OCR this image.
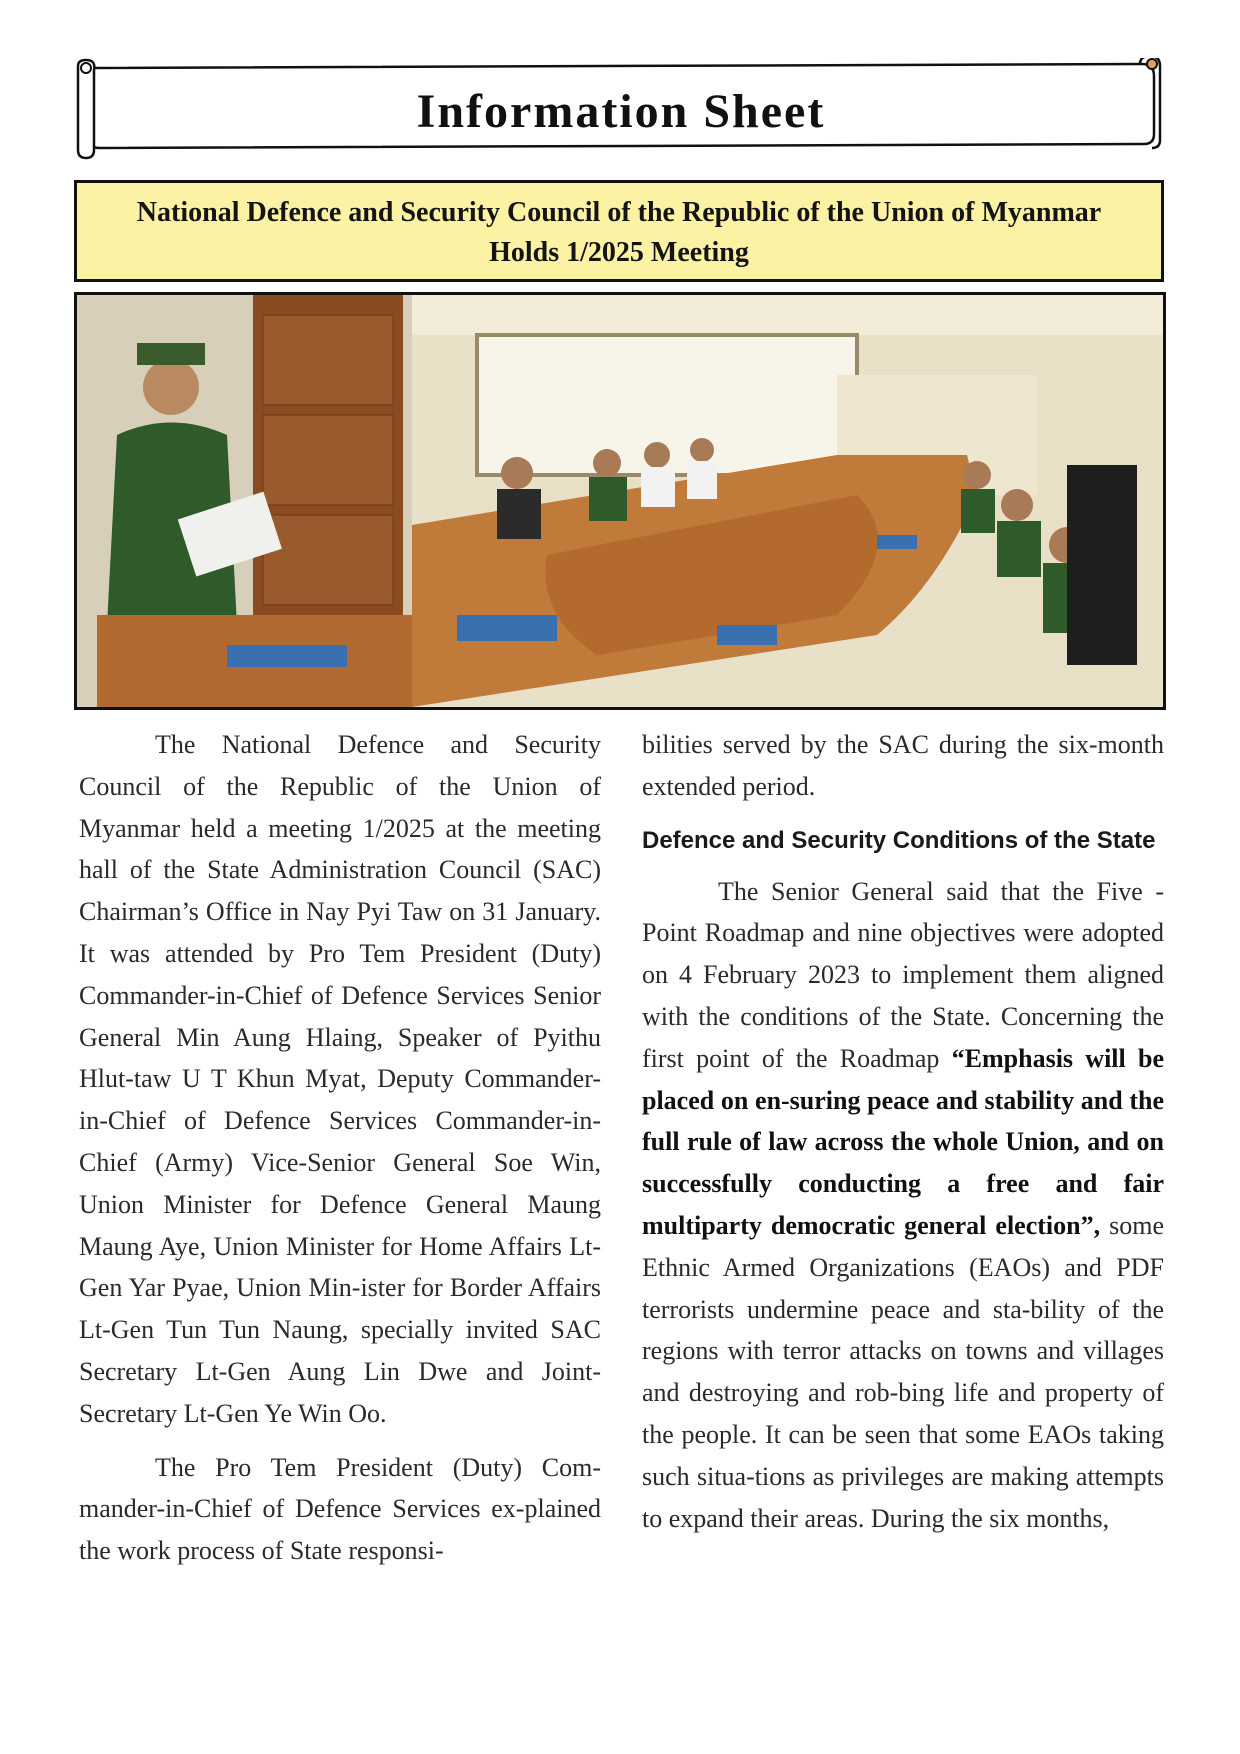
Information Sheet
National Defence and Security Council of the Republic of the Union of Myanmar
Holds 1/2025 Meeting

The National Defence and Security Council of the Republic of the Union of Myanmar held a meeting 1/2025 at the meeting hall of the State Administration Council (SAC) Chairman’s Office in Nay Pyi Taw on 31 January. It was attended by Pro Tem President (Duty) Commander-in-Chief of Defence Services Senior General Min Aung Hlaing, Speaker of Pyithu Hlut-taw U T Khun Myat, Deputy Commander-in-Chief of Defence Services Commander-in-Chief (Army) Vice-Senior General Soe Win, Union Minister for Defence General Maung Maung Aye, Union Minister for Home Affairs Lt-Gen Yar Pyae, Union Min-ister for Border Affairs Lt-Gen Tun Tun Naung, specially invited SAC Secretary Lt-Gen Aung Lin Dwe and Joint-Secretary Lt-Gen Ye Win Oo.

The Pro Tem President (Duty) Com-mander-in-Chief of Defence Services ex-plained the work process of State responsi-

bilities served by the SAC during the six-month extended period.

Defence and Security Conditions of the State

The Senior General said that the Five -Point Roadmap and nine objectives were adopted on 4 February 2023 to implement them aligned with the conditions of the State. Concerning the first point of the Roadmap “Emphasis will be placed on en-suring peace and stability and the full rule of law across the whole Union, and on successfully conducting a free and fair multiparty democratic general election”, some Ethnic Armed Organizations (EAOs) and PDF terrorists undermine peace and sta-bility of the regions with terror attacks on towns and villages and destroying and rob-bing life and property of the people. It can be seen that some EAOs taking such situa-tions as privileges are making attempts to expand their areas. During the six months,
